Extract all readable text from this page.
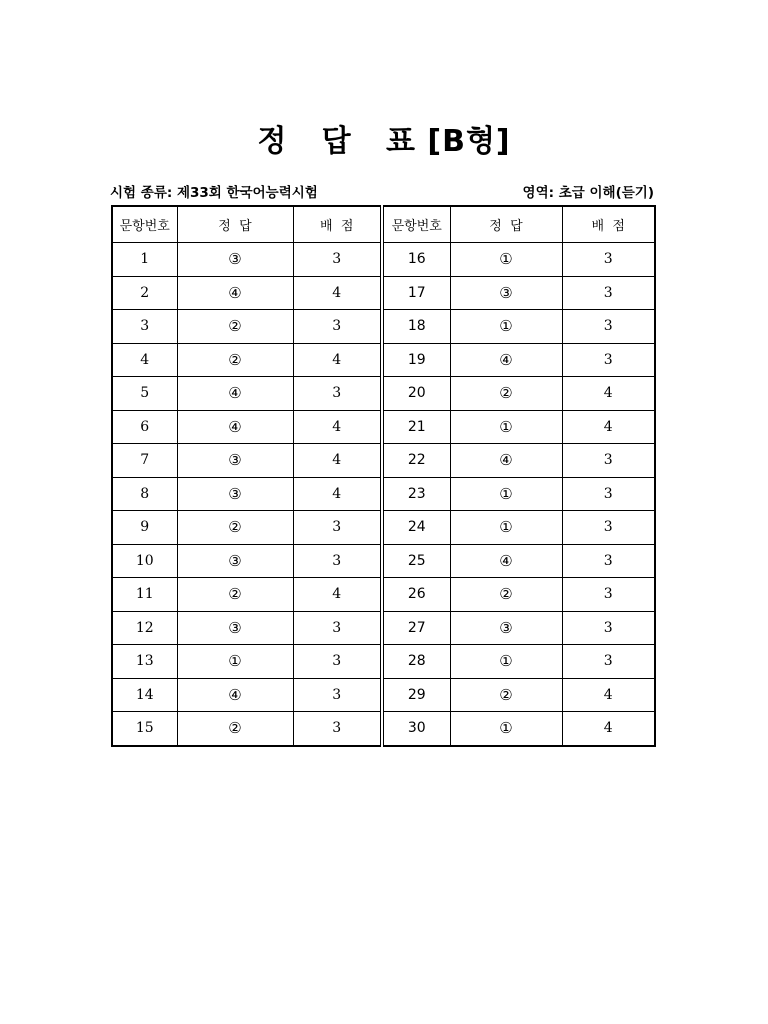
정   답   표 [B형]
시험 종류: 제33회 한국어능력시험	영역: 초급 이해(듣기)
문항번호	정  답	배  점	문항번호	정  답	배  점
1	③	3	16	①	3
2	④	4	17	③	3
3	②	3	18	①	3
4	②	4	19	④	3
5	④	3	20	②	4
6	④	4	21	①	4
7	③	4	22	④	3
8	③	4	23	①	3
9	②	3	24	①	3
10	③	3	25	④	3
11	②	4	26	②	3
12	③	3	27	③	3
13	①	3	28	①	3
14	④	3	29	②	4
15	②	3	30	①	4
